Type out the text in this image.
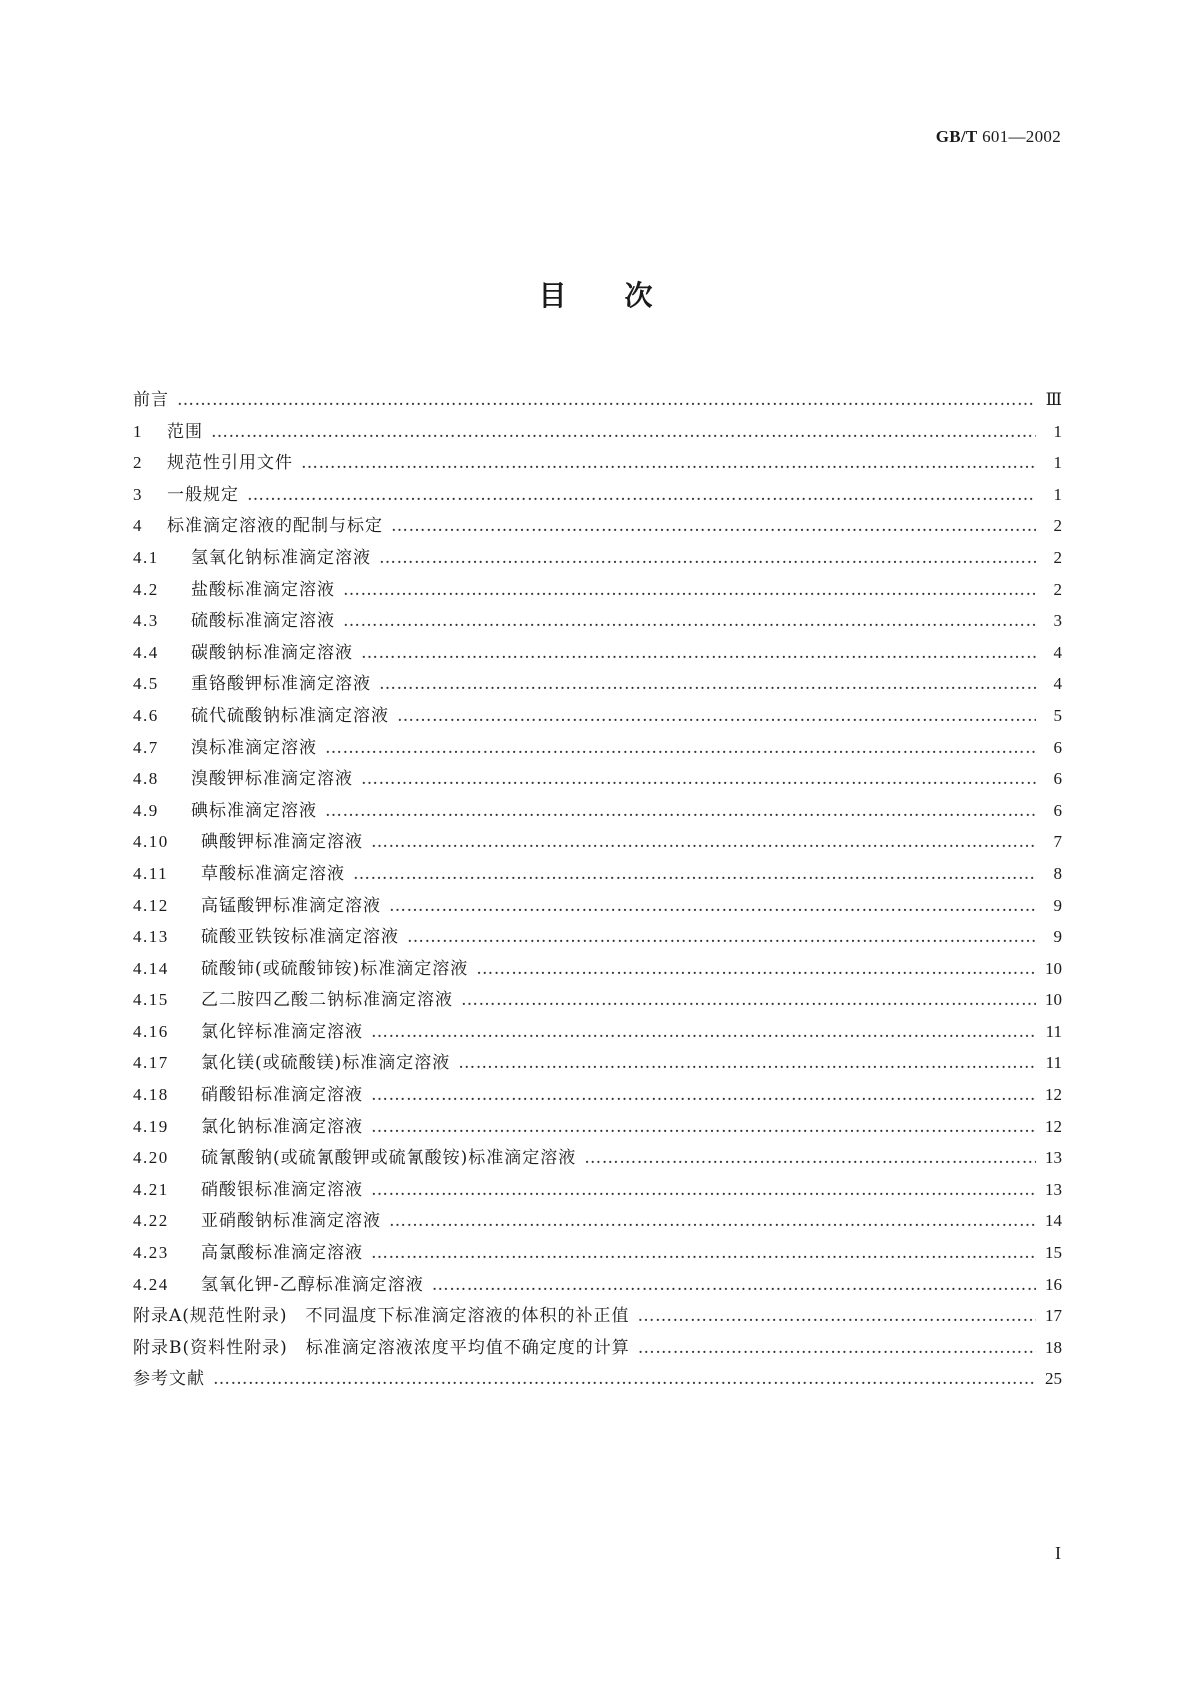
GB/T 601—2002
目次
前言 ……………………………………………………………………………………………………………………………………………………………………………………………………	Ⅲ
1	范围 ……………………………………………………………………………………………………………………………………………………………………………………………………	1
2	规范性引用文件 ……………………………………………………………………………………………………………………………………………………………………………………………………	1
3	一般规定 ……………………………………………………………………………………………………………………………………………………………………………………………………	1
4	标准滴定溶液的配制与标定 ……………………………………………………………………………………………………………………………………………………………………………………………………	2
4.1	氢氧化钠标准滴定溶液 ……………………………………………………………………………………………………………………………………………………………………………………………………	2
4.2	盐酸标准滴定溶液 ……………………………………………………………………………………………………………………………………………………………………………………………………	2
4.3	硫酸标准滴定溶液 ……………………………………………………………………………………………………………………………………………………………………………………………………	3
4.4	碳酸钠标准滴定溶液 ……………………………………………………………………………………………………………………………………………………………………………………………………	4
4.5	重铬酸钾标准滴定溶液 ……………………………………………………………………………………………………………………………………………………………………………………………………	4
4.6	硫代硫酸钠标准滴定溶液 ……………………………………………………………………………………………………………………………………………………………………………………………………	5
4.7	溴标准滴定溶液 ……………………………………………………………………………………………………………………………………………………………………………………………………	6
4.8	溴酸钾标准滴定溶液 ……………………………………………………………………………………………………………………………………………………………………………………………………	6
4.9	碘标准滴定溶液 ……………………………………………………………………………………………………………………………………………………………………………………………………	6
4.10	碘酸钾标准滴定溶液 ……………………………………………………………………………………………………………………………………………………………………………………………………	7
4.11	草酸标准滴定溶液 ……………………………………………………………………………………………………………………………………………………………………………………………………	8
4.12	高锰酸钾标准滴定溶液 ……………………………………………………………………………………………………………………………………………………………………………………………………	9
4.13	硫酸亚铁铵标准滴定溶液 ……………………………………………………………………………………………………………………………………………………………………………………………………	9
4.14	硫酸铈(或硫酸铈铵)标准滴定溶液 ……………………………………………………………………………………………………………………………………………………………………………………………………	10
4.15	乙二胺四乙酸二钠标准滴定溶液 ……………………………………………………………………………………………………………………………………………………………………………………………………	10
4.16	氯化锌标准滴定溶液 ……………………………………………………………………………………………………………………………………………………………………………………………………	11
4.17	氯化镁(或硫酸镁)标准滴定溶液 ……………………………………………………………………………………………………………………………………………………………………………………………………	11
4.18	硝酸铅标准滴定溶液 ……………………………………………………………………………………………………………………………………………………………………………………………………	12
4.19	氯化钠标准滴定溶液 ……………………………………………………………………………………………………………………………………………………………………………………………………	12
4.20	硫氰酸钠(或硫氰酸钾或硫氰酸铵)标准滴定溶液 ……………………………………………………………………………………………………………………………………………………………………………………………………	13
4.21	硝酸银标准滴定溶液 ……………………………………………………………………………………………………………………………………………………………………………………………………	13
4.22	亚硝酸钠标准滴定溶液 ……………………………………………………………………………………………………………………………………………………………………………………………………	14
4.23	高氯酸标准滴定溶液 ……………………………………………………………………………………………………………………………………………………………………………………………………	15
4.24	氢氧化钾-乙醇标准滴定溶液 ……………………………………………………………………………………………………………………………………………………………………………………………………	16
附录A(规范性附录)　不同温度下标准滴定溶液的体积的补正值 ……………………………………………………………………………………………………………………………………………………………………………………………………	17
附录B(资料性附录)　标准滴定溶液浓度平均值不确定度的计算 ……………………………………………………………………………………………………………………………………………………………………………………………………	18
参考文献 ……………………………………………………………………………………………………………………………………………………………………………………………………	25
I
